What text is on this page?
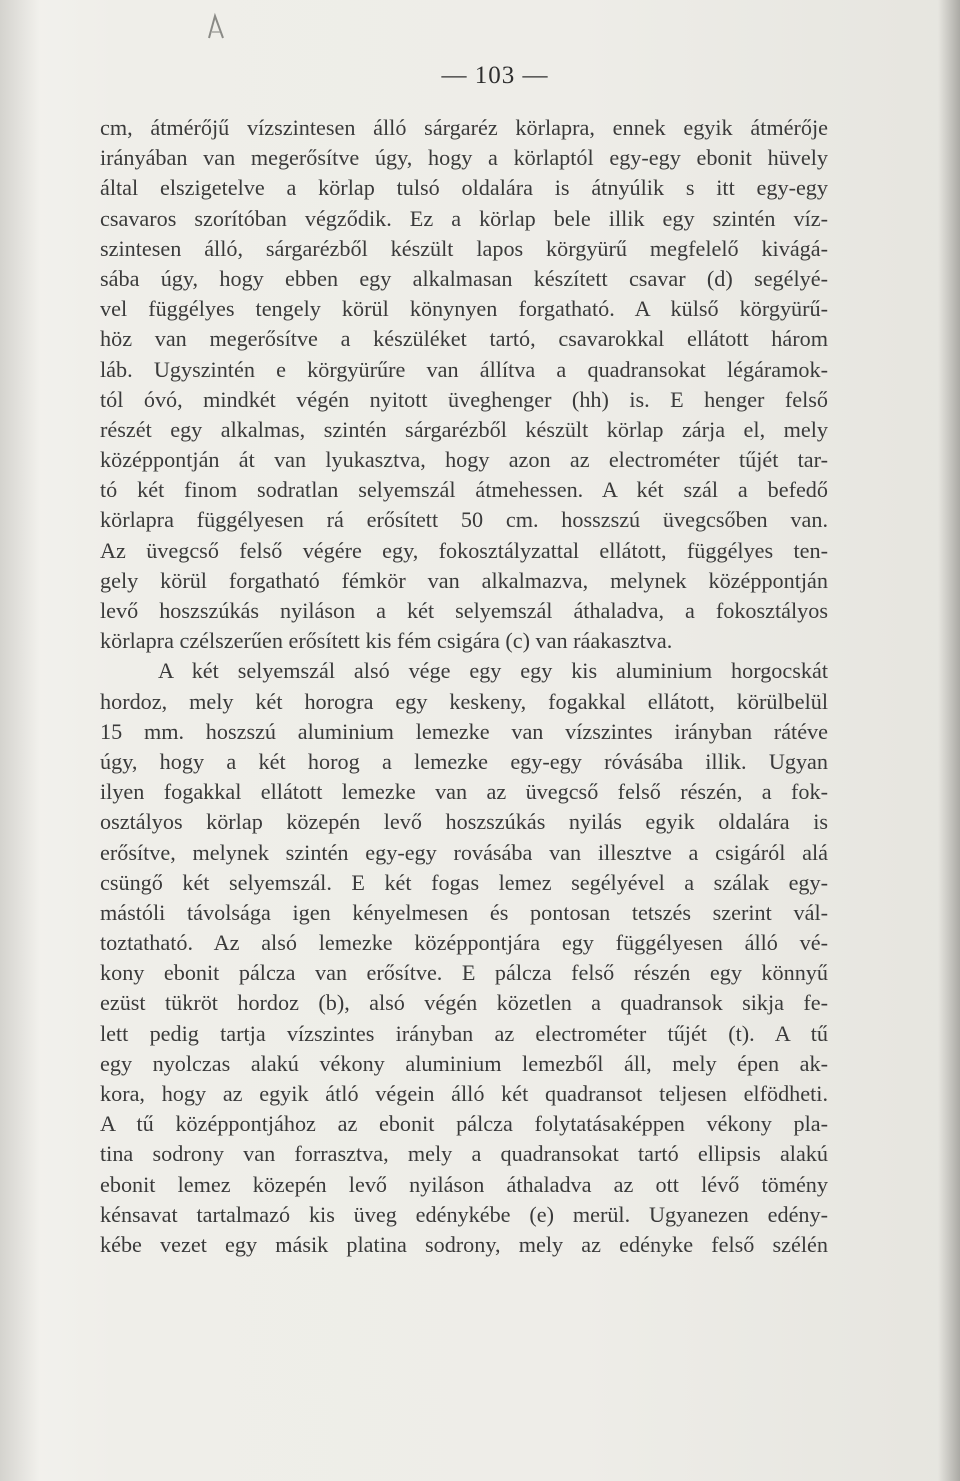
— 103 —
cm, átmérőjű vízszintesen álló sárgaréz körlapra, ennek egyik átmérője
irányában van megerősítve úgy, hogy a körlaptól egy-egy ebonit hüvely
által elszigetelve a körlap tulsó oldalára is átnyúlik s itt egy-egy
csavaros szorítóban végződik. Ez a körlap bele illik egy szintén víz-
szintesen álló, sárgarézből készült lapos körgyürű megfelelő kivágá-
sába úgy, hogy ebben egy alkalmasan készített csavar (d) segélyé-
vel függélyes tengely körül könynyen forgatható. A külső körgyürű-
höz van megerősítve a készüléket tartó, csavarokkal ellátott három
láb. Ugyszintén e körgyürűre van állítva a quadransokat légáramok-
tól óvó, mindkét végén nyitott üveghenger (hh) is. E henger felső
részét egy alkalmas, szintén sárgarézből készült körlap zárja el, mely
középpontján át van lyukasztva, hogy azon az electrométer tűjét tar-
tó két finom sodratlan selyemszál átmehessen. A két szál a befedő
körlapra függélyesen rá erősített 50 cm. hosszszú üvegcsőben van.
Az üvegcső felső végére egy, fokosztályzattal ellátott, függélyes ten-
gely körül forgatható fémkör van alkalmazva, melynek középpontján
levő hoszszúkás nyiláson a két selyemszál áthaladva, a fokosztályos
körlapra czélszerűen erősített kis fém csigára (c) van ráakasztva.
A két selyemszál alsó vége egy egy kis aluminium horgocskát
hordoz, mely két horogra egy keskeny, fogakkal ellátott, körülbelül
15 mm. hoszszú aluminium lemezke van vízszintes irányban rátéve
úgy, hogy a két horog a lemezke egy-egy róvásába illik. Ugyan
ilyen fogakkal ellátott lemezke van az üvegcső felső részén, a fok-
osztályos körlap közepén levő hoszszúkás nyilás egyik oldalára is
erősítve, melynek szintén egy-egy rovásába van illesztve a csigáról alá
csüngő két selyemszál. E két fogas lemez segélyével a szálak egy-
mástóli távolsága igen kényelmesen és pontosan tetszés szerint vál-
toztatható. Az alsó lemezke középpontjára egy függélyesen álló vé-
kony ebonit pálcza van erősítve. E pálcza felső részén egy könnyű
ezüst tükröt hordoz (b), alsó végén közetlen a quadransok sikja fe-
lett pedig tartja vízszintes irányban az electrométer tűjét (t). A tű
egy nyolczas alakú vékony aluminium lemezből áll, mely épen ak-
kora, hogy az egyik átló végein álló két quadransot teljesen elfödheti.
A tű középpontjához az ebonit pálcza folytatásaképpen vékony pla-
tina sodrony van forrasztva, mely a quadransokat tartó ellipsis alakú
ebonit lemez közepén levő nyiláson áthaladva az ott lévő tömény
kénsavat tartalmazó kis üveg edénykébe (e) merül. Ugyanezen edény-
kébe vezet egy másik platina sodrony, mely az edényke felső szélén
